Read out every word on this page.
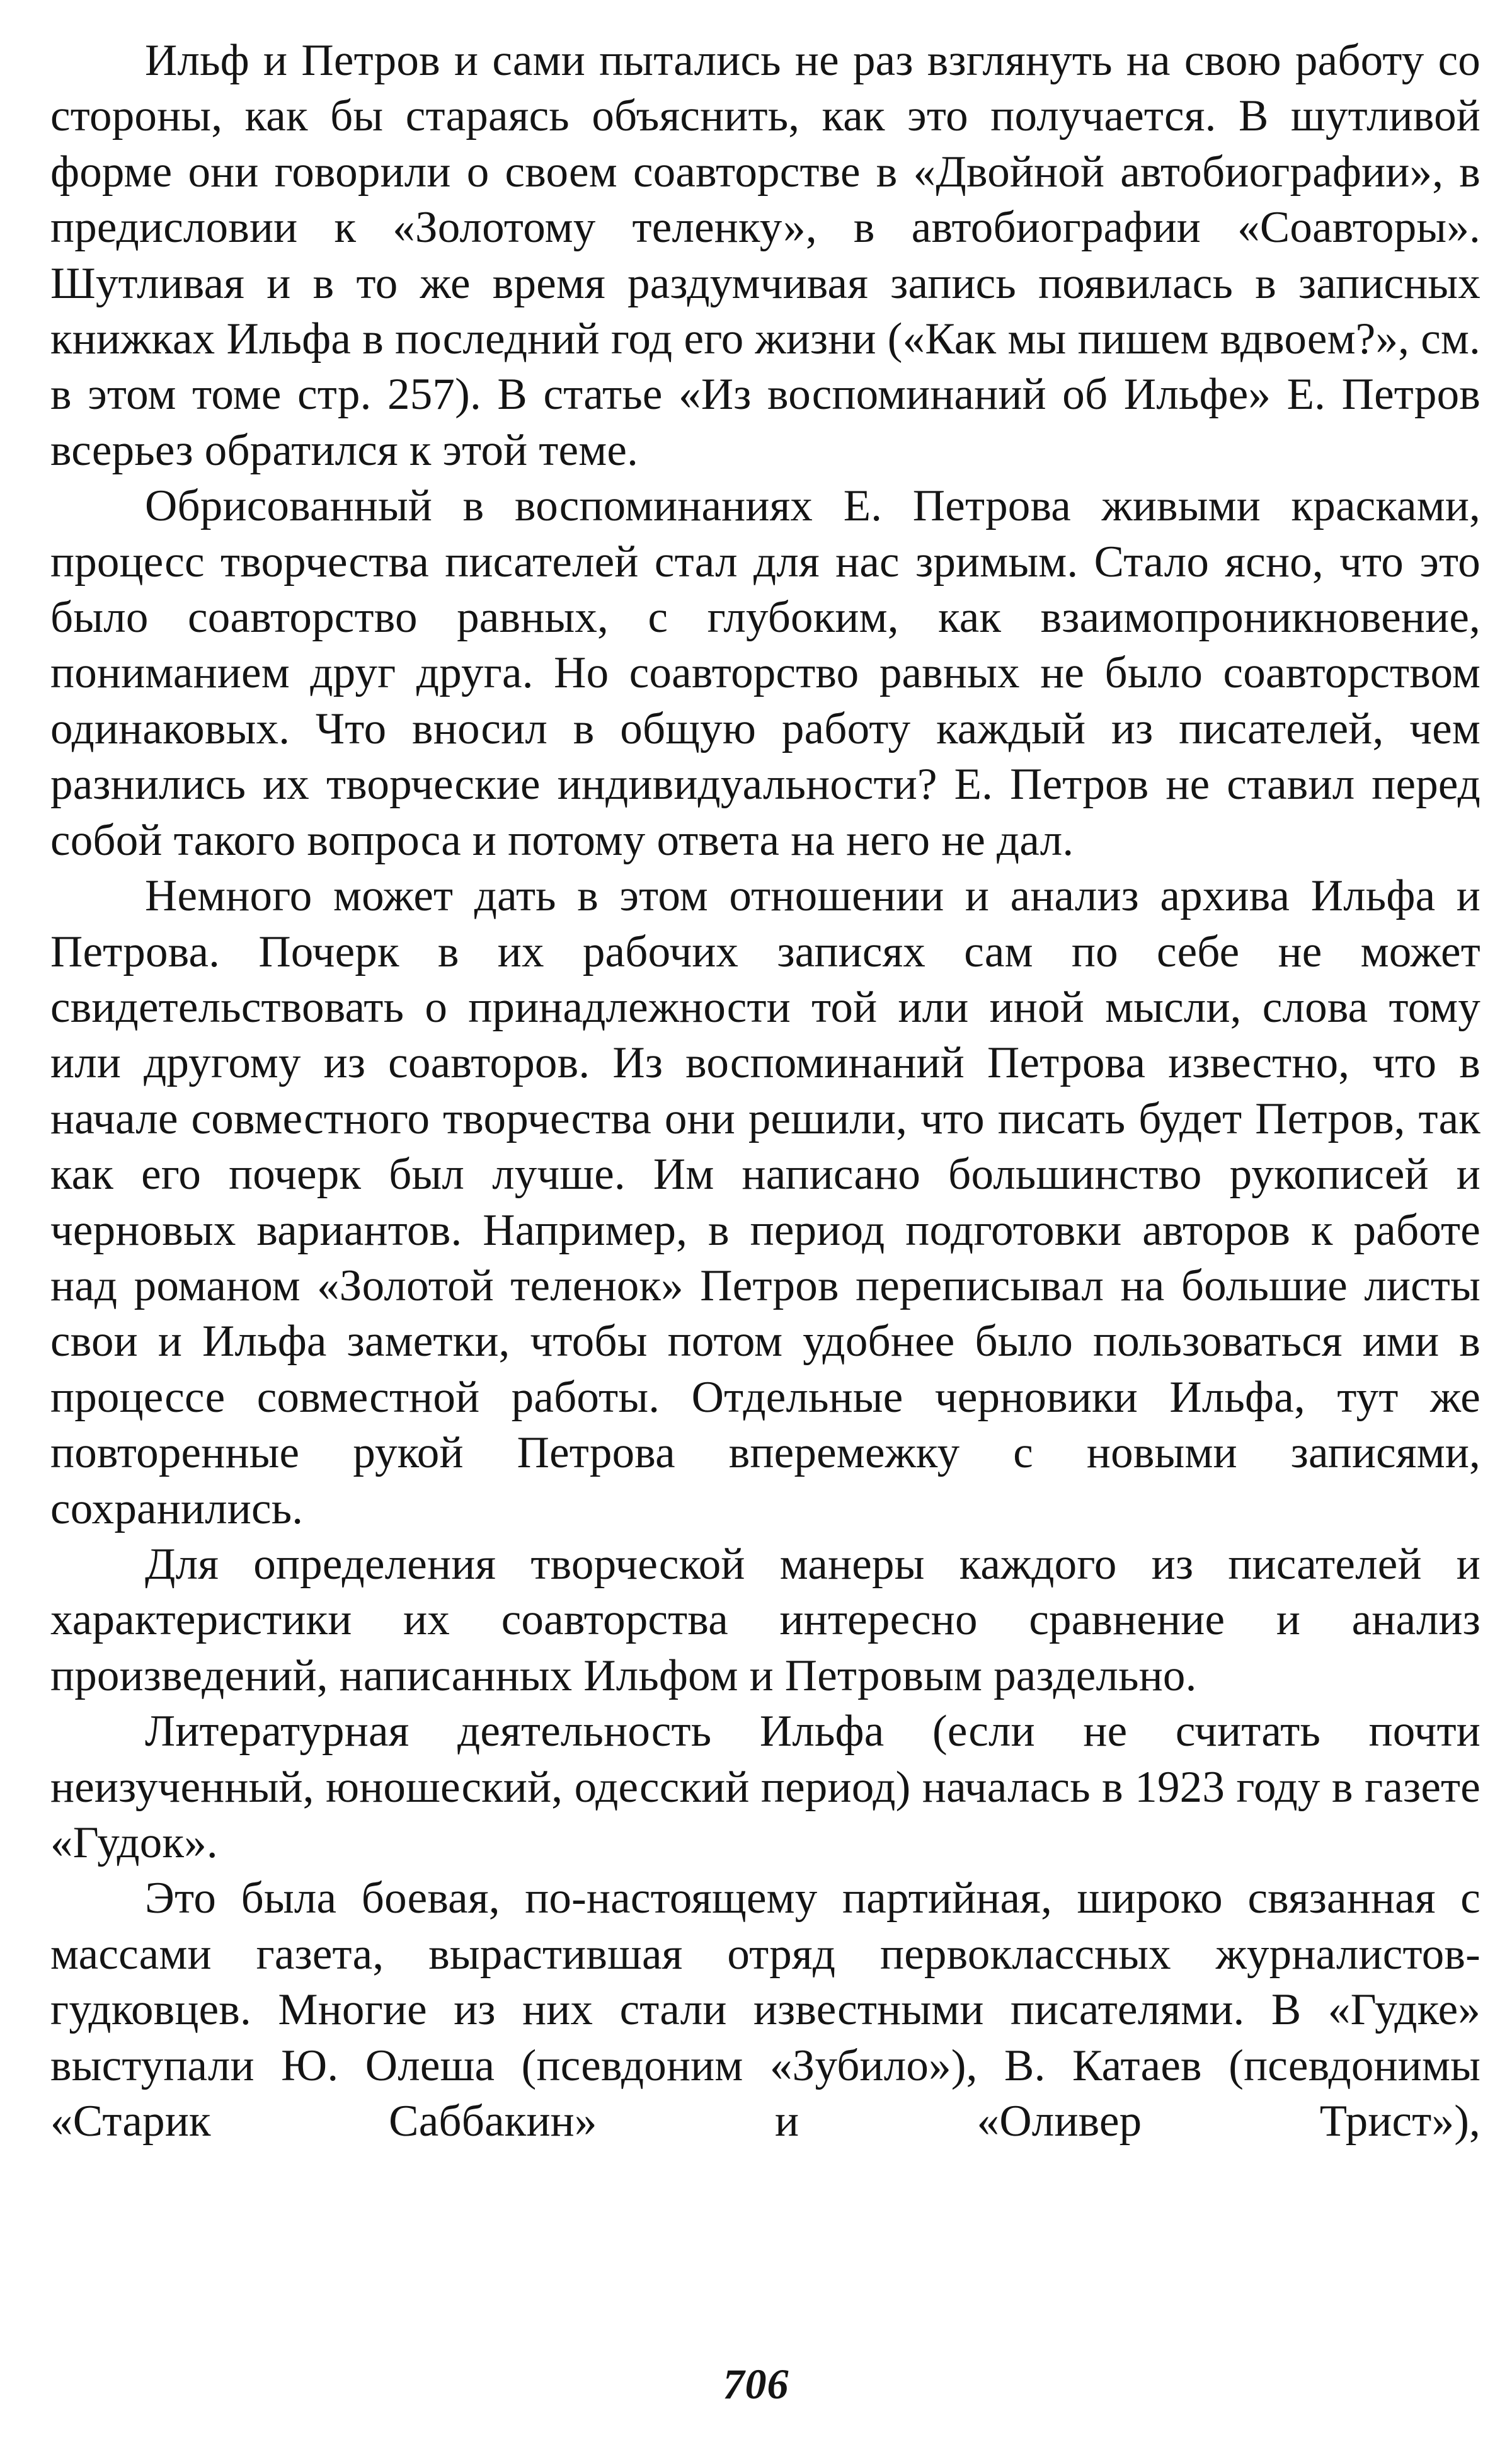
Ильф и Петров и сами пытались не раз взглянуть на свою работу со стороны, как бы стараясь объяснить, как это получается. В шутливой форме они говорили о своем соавторстве в «Двойной автобиографии», в предисловии к «Золотому теленку», в автобиографии «Соавторы». Шутливая и в то же время раздумчивая запись появилась в записных книжках Ильфа в последний год его жизни («Как мы пишем вдвоем?», см. в этом томе стр. 257). В статье «Из воспоминаний об Ильфе» Е. Петров всерьез обратился к этой теме.

Обрисованный в воспоминаниях Е. Петрова живыми красками, процесс творчества писателей стал для нас зримым. Стало ясно, что это было соавторство равных, с глубоким, как взаимопроникновение, пониманием друг друга. Но соавторство равных не было соавторством одинаковых. Что вносил в общую работу каждый из писателей, чем разнились их творческие индивидуальности? Е. Петров не ставил перед собой такого вопроса и потому ответа на него не дал.

Немного может дать в этом отношении и анализ архива Ильфа и Петрова. Почерк в их рабочих записях сам по себе не может свидетельствовать о принадлежности той или иной мысли, слова тому или другому из соавторов. Из воспоминаний Петрова известно, что в начале совместного творчества они решили, что писать будет Петров, так как его почерк был лучше. Им написано большинство рукописей и черновых вариантов. Например, в период подготовки авторов к работе над романом «Золотой теленок» Петров переписывал на большие листы свои и Ильфа заметки, чтобы потом удобнее было пользоваться ими в процессе совместной работы. Отдельные черновики Ильфа, тут же повторенные рукой Петрова вперемежку с новыми записями, сохранились.

Для определения творческой манеры каждого из писателей и характеристики их соавторства интересно сравнение и анализ произведений, написанных Ильфом и Петровым раздельно.

Литературная деятельность Ильфа (если не считать почти неизученный, юношеский, одесский период) началась в 1923 году в газете «Гудок».

Это была боевая, по-настоящему партийная, широко связанная с массами газета, вырастившая отряд первоклассных журналистов-гудковцев. Многие из них стали известными писателями. В «Гудке» выступали Ю. Олеша (псевдоним «Зубило»), В. Катаев (псевдонимы «Старик Саббакин» и «Оливер Трист»),

706
